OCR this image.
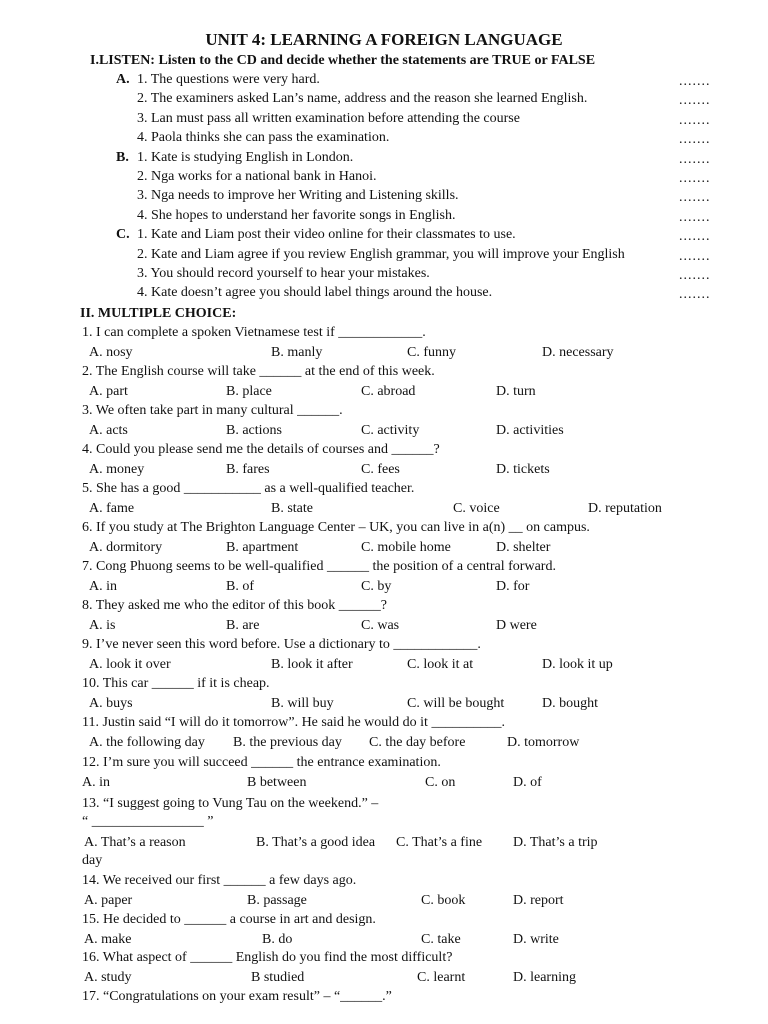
UNIT 4: LEARNING A FOREIGN LANGUAGE
I.LISTEN: Listen to the CD and decide whether the statements are TRUE or FALSE
A. 1. The questions were very hard.	.......
2. The examiners asked Lan’s name, address and the reason she learned English.	.......
3. Lan must pass all written examination before attending the course	.......
4. Paola thinks she can pass the examination.	.......
B. 1. Kate is studying English in London.	.......
2. Nga works for a national bank in Hanoi.	.......
3. Nga needs to improve her Writing and Listening skills.	.......
4. She hopes to understand her favorite songs in English.	.......
C. 1. Kate and Liam post their video online for their classmates to use.	.......
2. Kate and Liam agree if you review English grammar, you will improve your English	.......
3. You should record yourself to hear your mistakes.	.......
4. Kate doesn’t agree you should label things around the house.	.......
II. MULTIPLE CHOICE:
1. I can complete a spoken Vietnamese test if ____________.
A. nosy	B. manly	C. funny	D. necessary
2. The English course will take ______ at the end of this week.
A. part	B. place	C. abroad	D. turn
3. We often take part in many cultural ______.
A. acts	B. actions	C. activity	D. activities
4. Could you please send me the details of courses and ______?
A. money	B. fares	C. fees	D. tickets
5. She has a good ___________ as a well-qualified teacher.
A. fame	B. state	C. voice	D. reputation
6. If you study at The Brighton Language Center – UK, you can live in a(n) __ on campus.
A. dormitory	B. apartment	C. mobile home	D. shelter
7. Cong Phuong seems to be well-qualified ______ the position of a central forward.
A. in	B. of	C. by	D. for
8. They asked me who the editor of this book ______?
A. is	B. are	C. was	D were
9. I’ve never seen this word before. Use a dictionary to ____________.
A. look it over	B. look it after	C. look it at	D. look it up
10. This car ______ if it is cheap.
A. buys	B. will buy	C. will be bought	D. bought
11. Justin said “I will do it tomorrow”. He said he would do it __________.
A. the following day B. the previous day C. the day before	D. tomorrow
12. I’m sure you will succeed ______ the entrance examination.
A. in	B between	C. on	D. of
13. “I suggest going to Vung Tau on the weekend.” –
“ ________________ ”
A. That’s a reason	B. That’s a good idea C. That’s a fine D. That’s a trip
day
14. We received our first ______ a few days ago.
A. paper	B. passage	C. book	D. report
15. He decided to ______ a course in art and design.
A. make	B. do	C. take	D. write
16. What aspect of ______ English do you find the most difficult?
A. study	B studied	C. learnt	D. learning
17. “Congratulations on your exam result” – “______.”
